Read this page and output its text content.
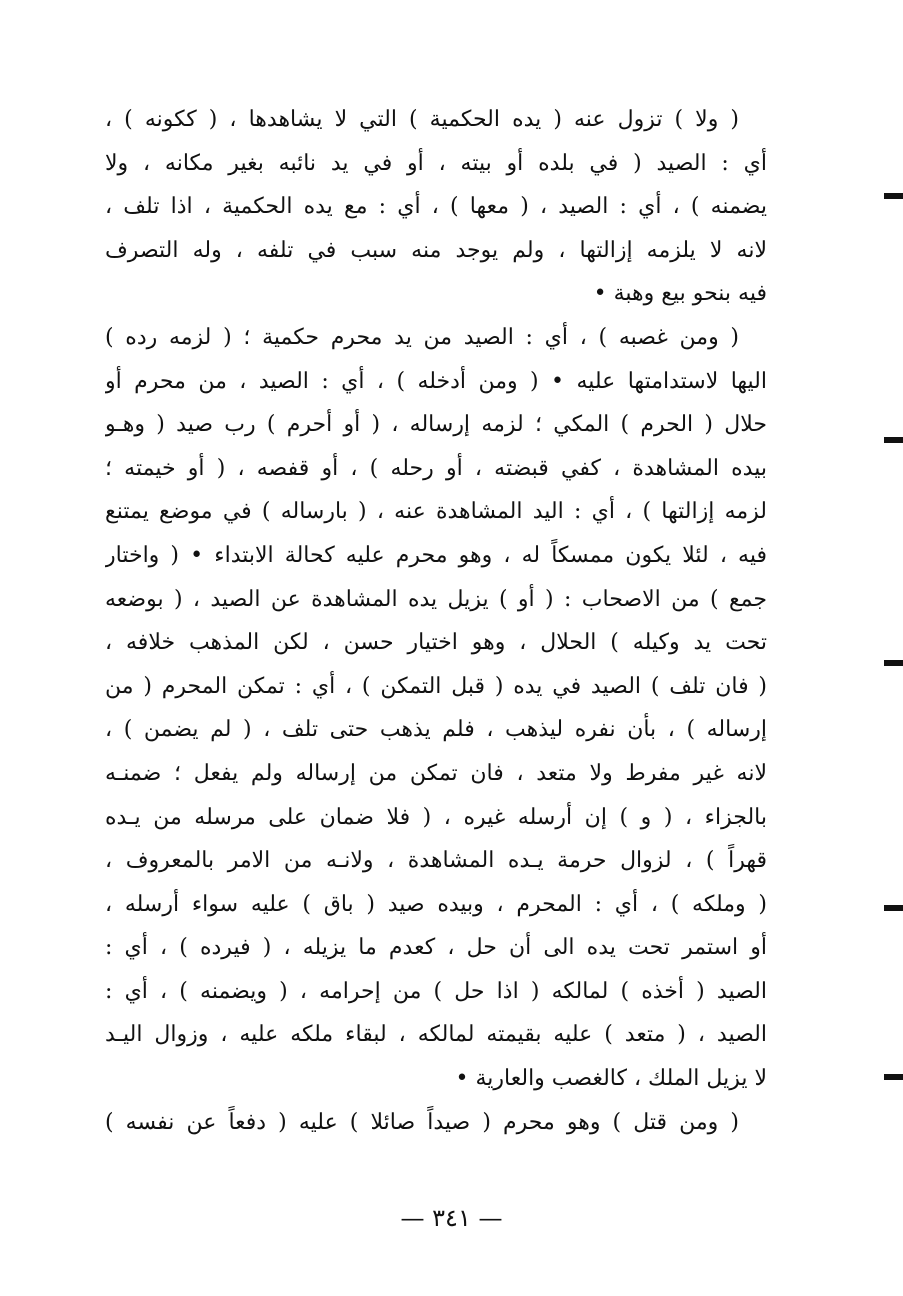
( ولا ) تزول عنه ( يده الحكمية ) التي لا يشاهدها ، ( ككونه ) ،
أي : الصيد ( في بلده أو بيته ، أو في يد نائبه بغير مكانه ، ولا
يضمنه ) ، أي : الصيد ، ( معها ) ، أي : مع يده الحكمية ، اذا تلف ،
لانه لا يلزمه إزالتها ، ولم يوجد منه سبب في تلفه ، وله التصرف
فيه بنحو بيع وهبة •
( ومن غصبه ) ، أي : الصيد من يد محرم حكمية ؛ ( لزمه رده )
اليها لاستدامتها عليه • ( ومن أدخله ) ، أي : الصيد ، من محرم أو
حلال ( الحرم ) المكي ؛ لزمه إرساله ، ( أو أحرم ) رب صيد ( وهـو
بيده المشاهدة ، كفي قبضته ، أو رحله ) ، أو قفصه ، ( أو خيمته ؛
لزمه إزالتها ) ، أي : اليد المشاهدة عنه ، ( بارساله ) في موضع يمتنع
فيه ، لئلا يكون ممسكاً له ، وهو محرم عليه كحالة الابتداء • ( واختار
جمع ) من الاصحاب : ( أو ) يزيل يده المشاهدة عن الصيد ، ( بوضعه
تحت يد وكيله ) الحلال ، وهو اختيار حسن ، لكن المذهب خلافه ،
( فان تلف ) الصيد في يده ( قبل التمكن ) ، أي : تمكن المحرم ( من
إرساله ) ، بأن نفره ليذهب ، فلم يذهب حتى تلف ، ( لم يضمن ) ،
لانه غير مفرط ولا متعد ، فان تمكن من إرساله ولم يفعل ؛ ضمنـه
بالجزاء ، ( و ) إن أرسله غيره ، ( فلا ضمان على مرسله من يـده
قهراً ) ، لزوال حرمة يـده المشاهدة ، ولانـه من الامر بالمعروف ،
( وملكه ) ، أي : المحرم ، وبيده صيد ( باق ) عليه سواء أرسله ،
أو استمر تحت يده الى أن حل ، كعدم ما يزيله ، ( فيرده ) ، أي :
الصيد ( أخذه ) لمالكه ( اذا حل ) من إحرامه ، ( ويضمنه ) ، أي :
الصيد ، ( متعد ) عليه بقيمته لمالكه ، لبقاء ملكه عليه ، وزوال اليـد
لا يزيل الملك ، كالغصب والعارية •
( ومن قتل ) وهو محرم ( صيداً صائلا ) عليه ( دفعاً عن نفسه )
— ٣٤١ —
